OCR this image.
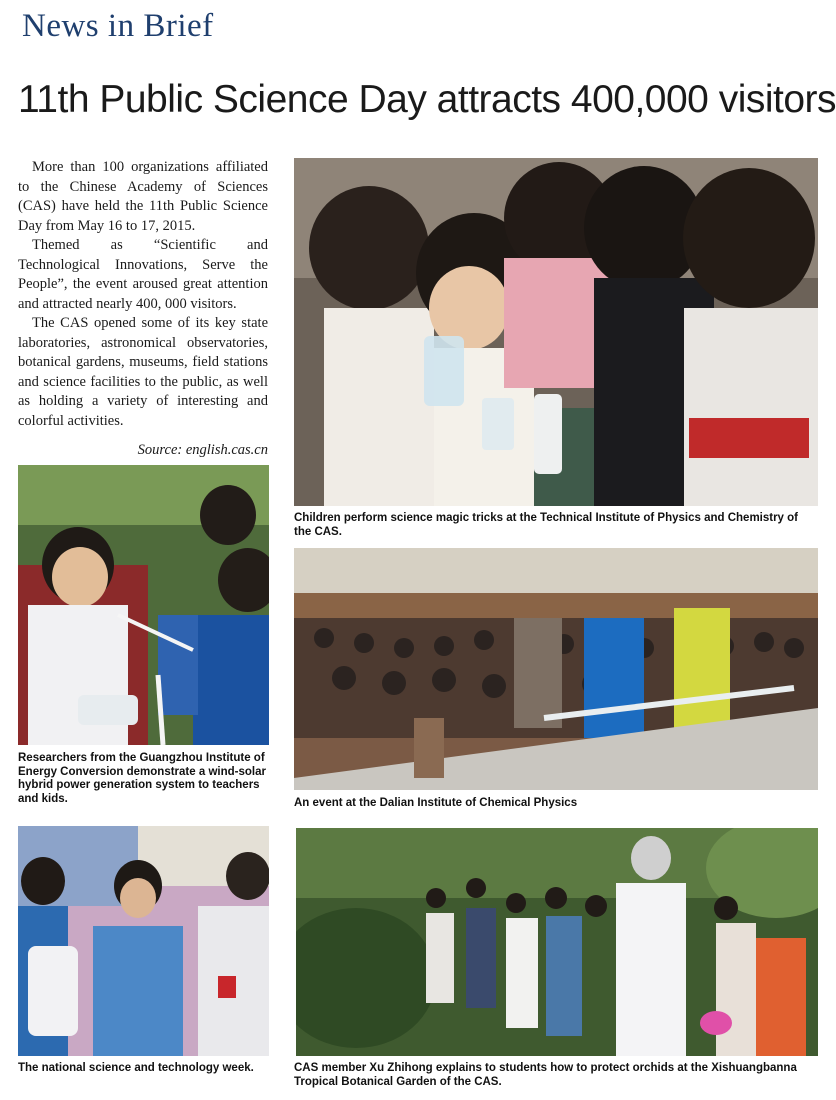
News in Brief
11th Public Science Day attracts 400,000 visitors

More than 100 organizations affiliated to the Chinese Academy of Sciences (CAS) have held the 11th Public Science Day from May 16 to 17, 2015.

Themed as “Scientific and Technological Innovations, Serve the People”, the event aroused great attention and attracted nearly 400, 000 visitors.

The CAS opened some of its key state laboratories, astronomical observatories, botanical gardens, museums, field stations and science facilities to the public, as well as holding a variety of interesting and colorful activities.

Source: english.cas.cn
Children perform science magic tricks at the Technical Institute of Physics and Chemistry of the CAS.
Researchers from the Guangzhou Institute of Energy Conversion demonstrate a wind-solar hybrid power generation system to teachers and kids.	An event at the Dalian Institute of Chemical Physics
The national science and technology week.	CAS member Xu Zhihong explains to students how to protect orchids at the Xishuangbanna Tropical Botanical Garden of the CAS.
